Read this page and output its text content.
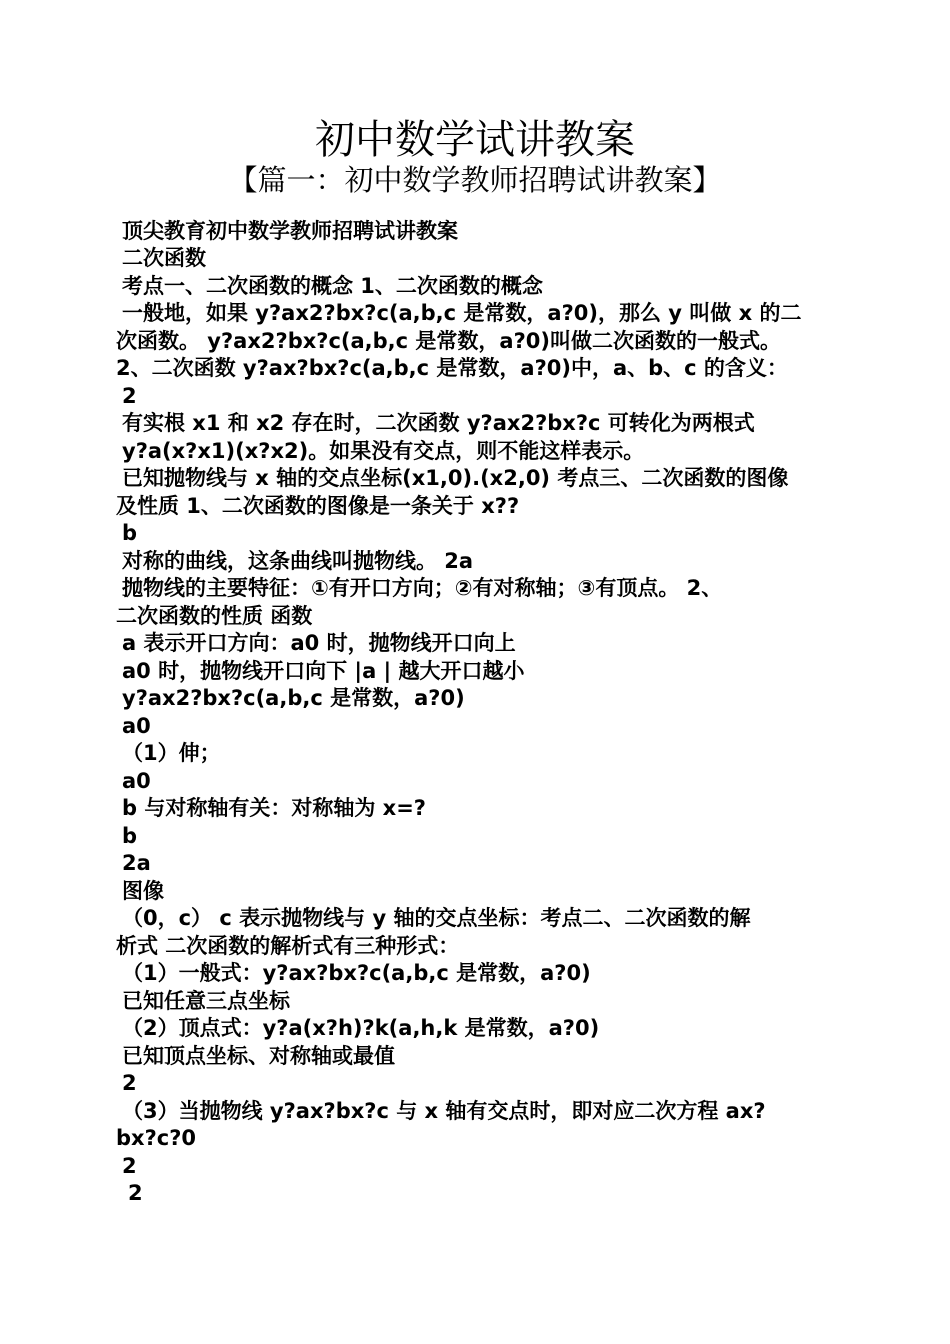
初中数学试讲教案
【篇一：初中数学教师招聘试讲教案】
顶尖教育初中数学教师招聘试讲教案
二次函数
考点一、二次函数的概念 1、二次函数的概念
一般地，如果 y?ax2?bx?c(a,b,c 是常数，a?0)，那么 y 叫做 x 的二
次函数。 y?ax2?bx?c(a,b,c 是常数，a?0)叫做二次函数的一般式。
2、二次函数 y?ax?bx?c(a,b,c 是常数，a?0)中，a、b、c 的含义：
2
有实根 x1 和 x2 存在时，二次函数 y?ax2?bx?c 可转化为两根式
y?a(x?x1)(x?x2)。如果没有交点，则不能这样表示。
已知抛物线与 x 轴的交点坐标(x1,0).(x2,0) 考点三、二次函数的图像
及性质 1、二次函数的图像是一条关于 x??
b
对称的曲线，这条曲线叫抛物线。 2a
抛物线的主要特征：①有开口方向；②有对称轴；③有顶点。 2、
二次函数的性质 函数
a 表示开口方向：a0 时，抛物线开口向上
a0 时，抛物线开口向下 |a | 越大开口越小
y?ax2?bx?c(a,b,c 是常数，a?0)
a0
（1）伸；
a0
b 与对称轴有关：对称轴为 x=?
b
2a
图像
（0，c） c 表示抛物线与 y 轴的交点坐标：考点二、二次函数的解
析式 二次函数的解析式有三种形式：
（1）一般式：y?ax?bx?c(a,b,c 是常数，a?0)
已知任意三点坐标
（2）顶点式：y?a(x?h)?k(a,h,k 是常数，a?0)
已知顶点坐标、对称轴或最值
2
（3）当抛物线 y?ax?bx?c 与 x 轴有交点时，即对应二次方程 ax?
bx?c?0
2
2
